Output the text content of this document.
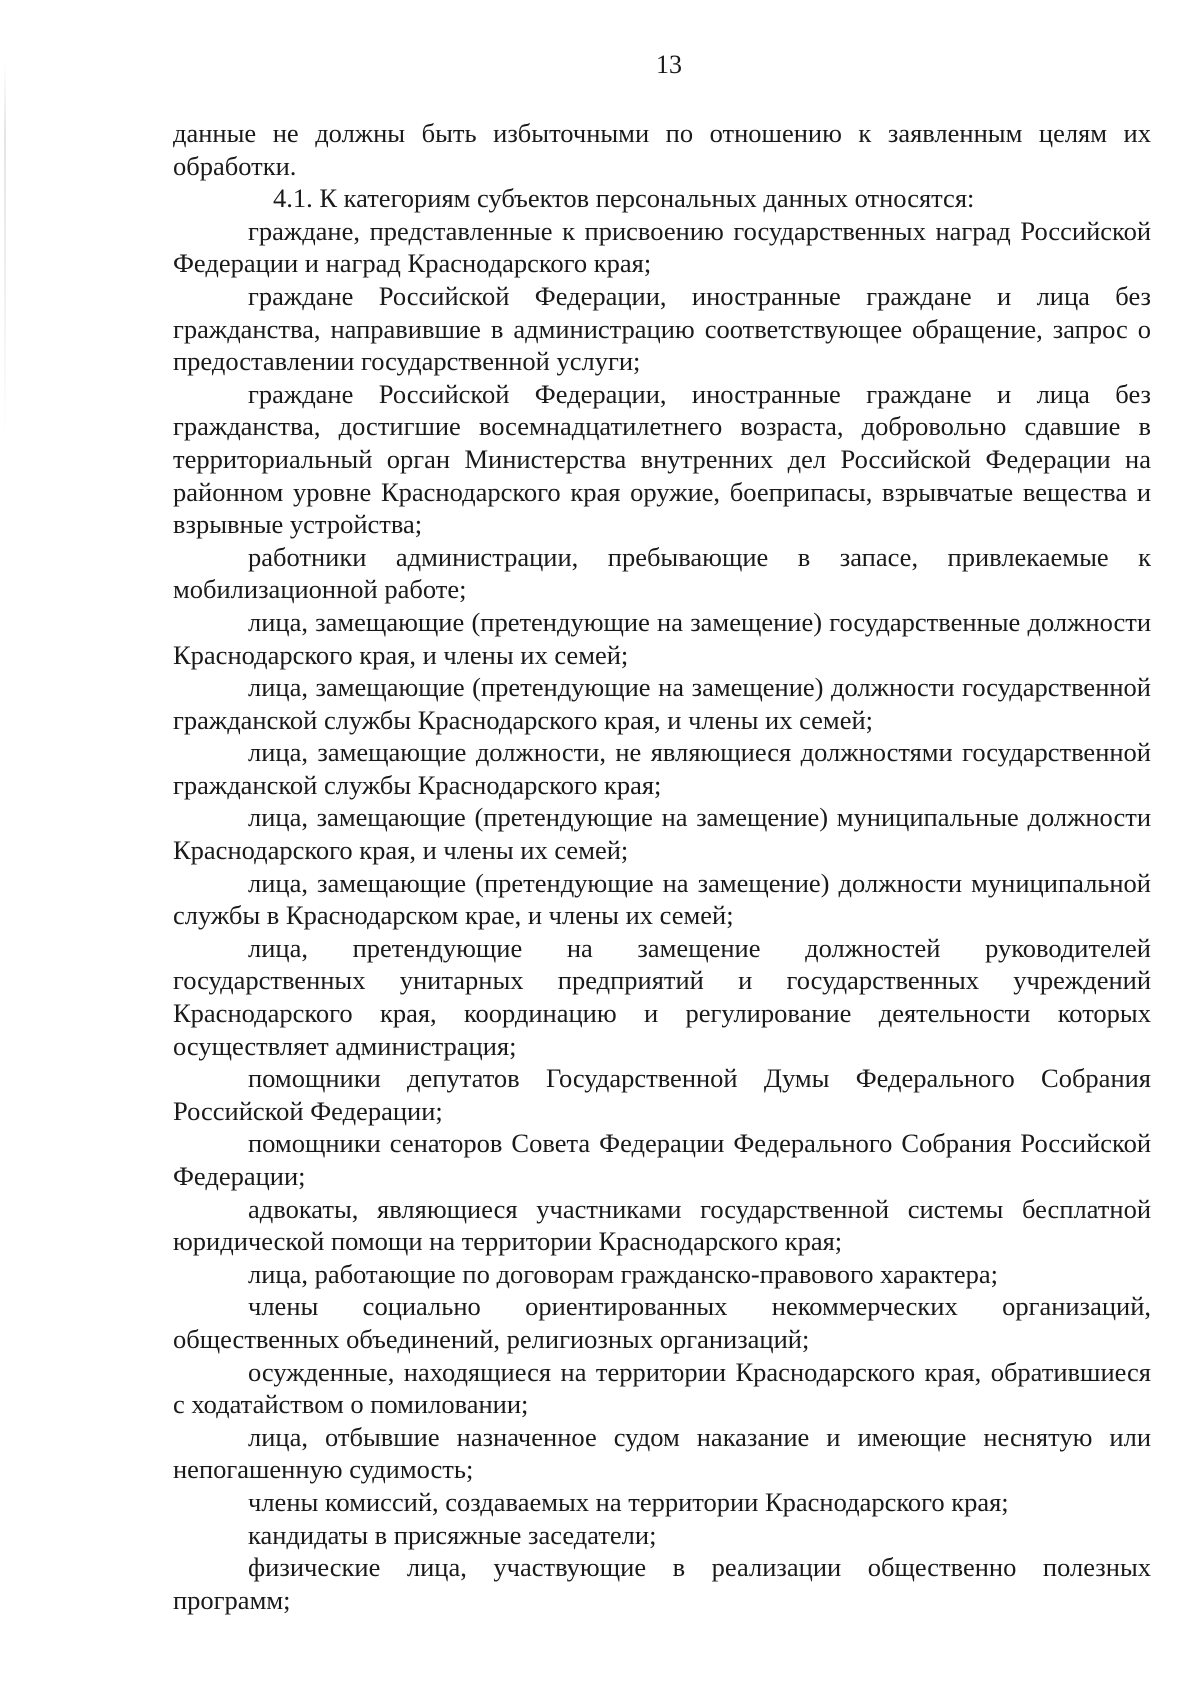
13

данные не должны быть избыточными по отношению к заявленным целям их обработки.

4.1. К категориям субъектов персональных данных относятся:

граждане, представленные к присвоению государственных наград Российской Федерации и наград Краснодарского края;

граждане Российской Федерации, иностранные граждане и лица без гражданства, направившие в администрацию соответствующее обращение, запрос о предоставлении государственной услуги;

граждане Российской Федерации, иностранные граждане и лица без гражданства, достигшие восемнадцатилетнего возраста, добровольно сдавшие в территориальный орган Министерства внутренних дел Российской Федерации на районном уровне Краснодарского края оружие, боеприпасы, взрывчатые вещества и взрывные устройства;

работники администрации, пребывающие в запасе, привлекаемые к мобилизационной работе;

лица, замещающие (претендующие на замещение) государственные должности Краснодарского края, и члены их семей;

лица, замещающие (претендующие на замещение) должности государственной гражданской службы Краснодарского края, и члены их семей;

лица, замещающие должности, не являющиеся должностями государственной гражданской службы Краснодарского края;

лица, замещающие (претендующие на замещение) муниципальные должности Краснодарского края, и члены их семей;

лица, замещающие (претендующие на замещение) должности муниципальной службы в Краснодарском крае, и члены их семей;

лица, претендующие на замещение должностей руководителей государственных унитарных предприятий и государственных учреждений Краснодарского края, координацию и регулирование деятельности которых осуществляет администрация;

помощники депутатов Государственной Думы Федерального Собрания Российской Федерации;

помощники сенаторов Совета Федерации Федерального Собрания Российской Федерации;

адвокаты, являющиеся участниками государственной системы бесплатной юридической помощи на территории Краснодарского края;

лица, работающие по договорам гражданско-правового характера;

члены социально ориентированных некоммерческих организаций, общественных объединений, религиозных организаций;

осужденные, находящиеся на территории Краснодарского края, обратившиеся с ходатайством о помиловании;

лица, отбывшие назначенное судом наказание и имеющие неснятую или непогашенную судимость;

члены комиссий, создаваемых на территории Краснодарского края;

кандидаты в присяжные заседатели;

физические лица, участвующие в реализации общественно полезных программ;
